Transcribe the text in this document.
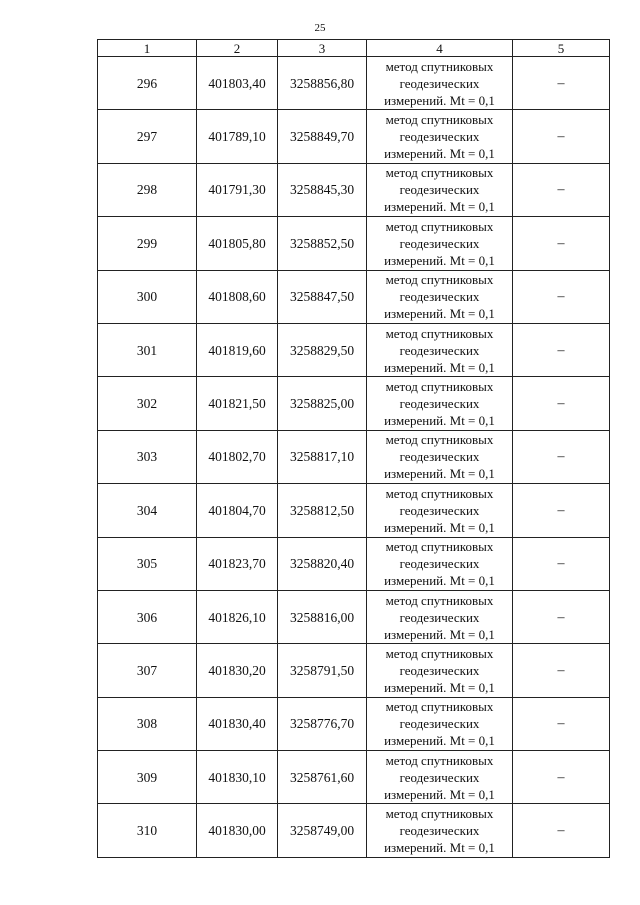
25
1	2	3	4	5
296	401803,40	3258856,80	метод спутниковых
геодезических
измерений. Mt = 0,1	–
297	401789,10	3258849,70	метод спутниковых
геодезических
измерений. Mt = 0,1	–
298	401791,30	3258845,30	метод спутниковых
геодезических
измерений. Mt = 0,1	–
299	401805,80	3258852,50	метод спутниковых
геодезических
измерений. Mt = 0,1	–
300	401808,60	3258847,50	метод спутниковых
геодезических
измерений. Mt = 0,1	–
301	401819,60	3258829,50	метод спутниковых
геодезических
измерений. Mt = 0,1	–
302	401821,50	3258825,00	метод спутниковых
геодезических
измерений. Mt = 0,1	–
303	401802,70	3258817,10	метод спутниковых
геодезических
измерений. Mt = 0,1	–
304	401804,70	3258812,50	метод спутниковых
геодезических
измерений. Mt = 0,1	–
305	401823,70	3258820,40	метод спутниковых
геодезических
измерений. Mt = 0,1	–
306	401826,10	3258816,00	метод спутниковых
геодезических
измерений. Mt = 0,1	–
307	401830,20	3258791,50	метод спутниковых
геодезических
измерений. Mt = 0,1	–
308	401830,40	3258776,70	метод спутниковых
геодезических
измерений. Mt = 0,1	–
309	401830,10	3258761,60	метод спутниковых
геодезических
измерений. Mt = 0,1	–
310	401830,00	3258749,00	метод спутниковых
геодезических
измерений. Mt = 0,1	–
